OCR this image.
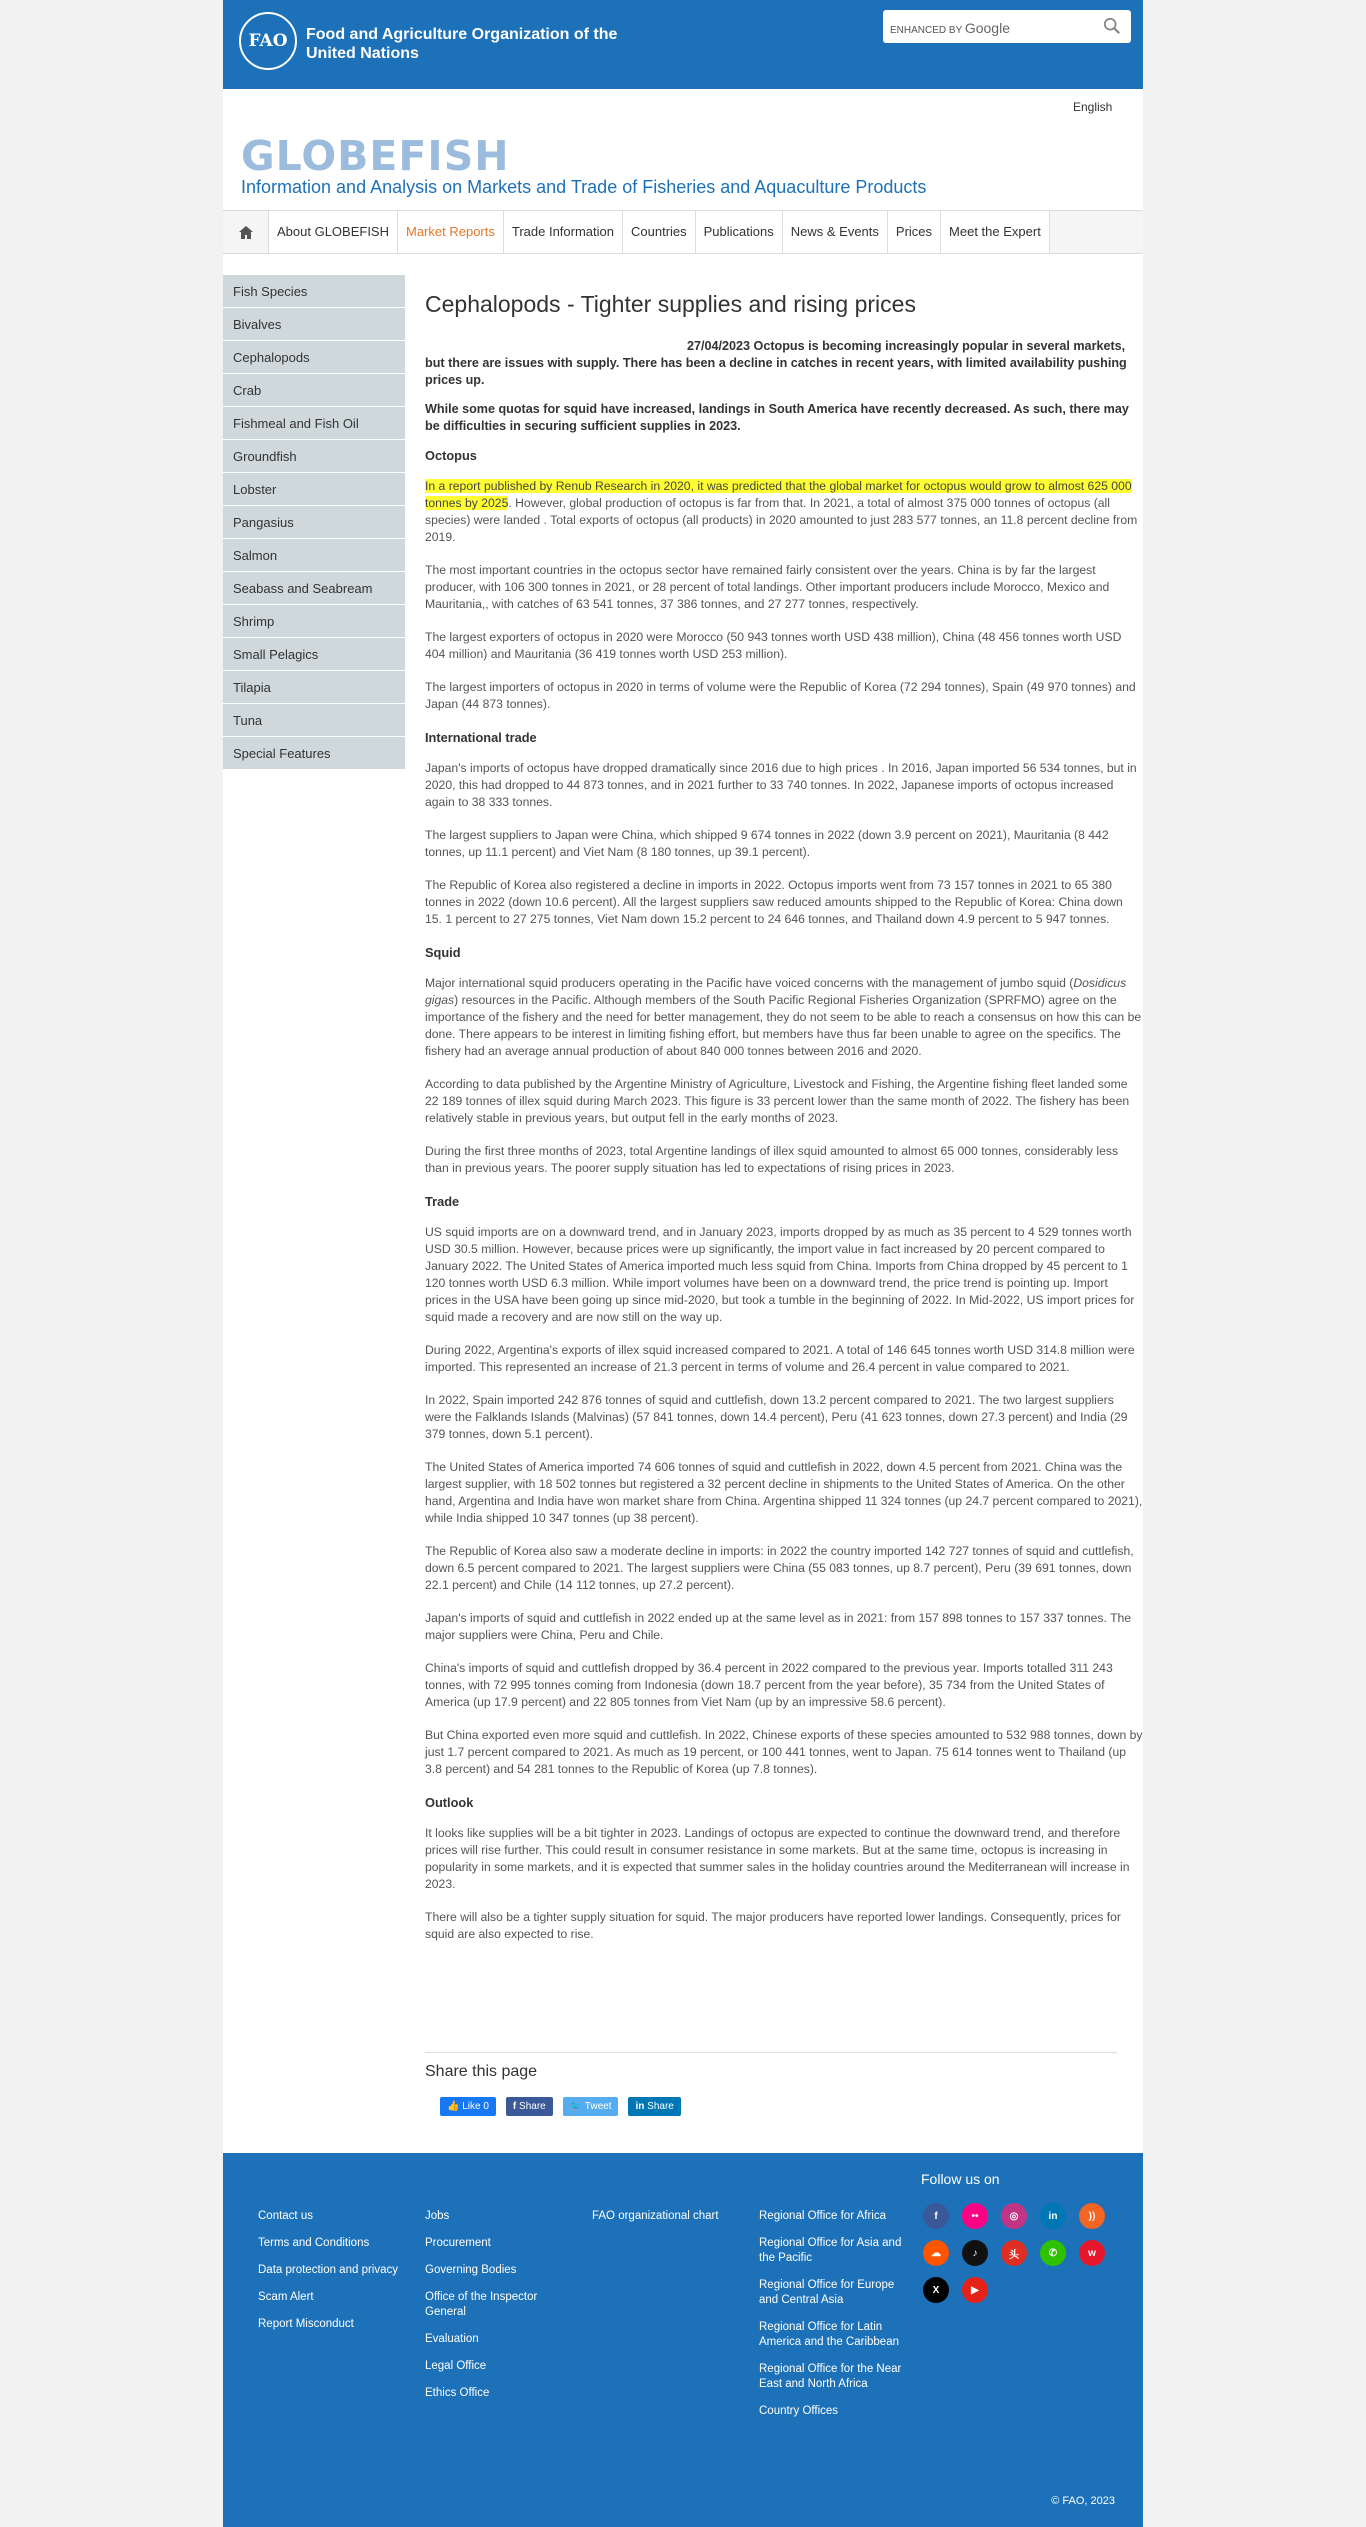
FAO	Food and Agriculture Organization of the United Nations
ENHANCED BY Google
English
GLOBEFISH
Information and Analysis on Markets and Trade of Fisheries and Aquaculture Products
About GLOBEFISH	Market Reports	Trade Information	Countries	Publications	News & Events	Prices	Meet the Expert
Fish Species
Bivalves
Cephalopods
Crab
Fishmeal and Fish Oil
Groundfish
Lobster
Pangasius
Salmon
Seabass and Seabream
Shrimp
Small Pelagics
Tilapia
Tuna
Special Features
Cephalopods - Tighter supplies and rising prices

27/04/2023 Octopus is becoming increasingly popular in several markets, but there are issues with supply. There has been a decline in catches in recent years, with limited availability pushing prices up.

While some quotas for squid have increased, landings in South America have recently decreased. As such, there may be difficulties in securing sufficient supplies in 2023.

Octopus

In a report published by Renub Research in 2020, it was predicted that the global market for octopus would grow to almost 625 000 tonnes by 2025. However, global production of octopus is far from that. In 2021, a total of almost 375 000 tonnes of octopus (all species) were landed . Total exports of octopus (all products) in 2020 amounted to just 283 577 tonnes, an 11.8 percent decline from 2019.

The most important countries in the octopus sector have remained fairly consistent over the years. China is by far the largest producer, with 106 300 tonnes in 2021, or 28 percent of total landings. Other important producers include Morocco, Mexico and Mauritania,, with catches of 63 541 tonnes, 37 386 tonnes, and 27 277 tonnes, respectively.

The largest exporters of octopus in 2020 were Morocco (50 943 tonnes worth USD 438 million), China (48 456 tonnes worth USD 404 million) and Mauritania (36 419 tonnes worth USD 253 million).

The largest importers of octopus in 2020 in terms of volume were the Republic of Korea (72 294 tonnes), Spain (49 970 tonnes) and Japan (44 873 tonnes).

International trade

Japan's imports of octopus have dropped dramatically since 2016 due to high prices . In 2016, Japan imported 56 534 tonnes, but in 2020, this had dropped to 44 873 tonnes, and in 2021 further to 33 740 tonnes. In 2022, Japanese imports of octopus increased again to 38 333 tonnes.

The largest suppliers to Japan were China, which shipped 9 674 tonnes in 2022 (down 3.9 percent on 2021), Mauritania (8 442 tonnes, up 11.1 percent) and Viet Nam (8 180 tonnes, up 39.1 percent).

The Republic of Korea also registered a decline in imports in 2022. Octopus imports went from 73 157 tonnes in 2021 to 65 380 tonnes in 2022 (down 10.6 percent). All the largest suppliers saw reduced amounts shipped to the Republic of Korea: China down 15. 1 percent to 27 275 tonnes, Viet Nam down 15.2 percent to 24 646 tonnes, and Thailand down 4.9 percent to 5 947 tonnes.

Squid

Major international squid producers operating in the Pacific have voiced concerns with the management of jumbo squid (Dosidicus gigas) resources in the Pacific. Although members of the South Pacific Regional Fisheries Organization (SPRFMO) agree on the importance of the fishery and the need for better management, they do not seem to be able to reach a consensus on how this can be done. There appears to be interest in limiting fishing effort, but members have thus far been unable to agree on the specifics. The fishery had an average annual production of about 840 000 tonnes between 2016 and 2020.

According to data published by the Argentine Ministry of Agriculture, Livestock and Fishing, the Argentine fishing fleet landed some 22 189 tonnes of illex squid during March 2023. This figure is 33 percent lower than the same month of 2022. The fishery has been relatively stable in previous years, but output fell in the early months of 2023.

During the first three months of 2023, total Argentine landings of illex squid amounted to almost 65 000 tonnes, considerably less than in previous years. The poorer supply situation has led to expectations of rising prices in 2023.

Trade

US squid imports are on a downward trend, and in January 2023, imports dropped by as much as 35 percent to 4 529 tonnes worth USD 30.5 million. However, because prices were up significantly, the import value in fact increased by 20 percent compared to January 2022. The United States of America imported much less squid from China. Imports from China dropped by 45 percent to 1 120 tonnes worth USD 6.3 million. While import volumes have been on a downward trend, the price trend is pointing up. Import prices in the USA have been going up since mid-2020, but took a tumble in the beginning of 2022. In Mid-2022, US import prices for squid made a recovery and are now still on the way up.

During 2022, Argentina's exports of illex squid increased compared to 2021. A total of 146 645 tonnes worth USD 314.8 million were imported. This represented an increase of 21.3 percent in terms of volume and 26.4 percent in value compared to 2021.

In 2022, Spain imported 242 876 tonnes of squid and cuttlefish, down 13.2 percent compared to 2021. The two largest suppliers were the Falklands Islands (Malvinas) (57 841 tonnes, down 14.4 percent), Peru (41 623 tonnes, down 27.3 percent) and India (29 379 tonnes, down 5.1 percent).

The United States of America imported 74 606 tonnes of squid and cuttlefish in 2022, down 4.5 percent from 2021. China was the largest supplier, with 18 502 tonnes but registered a 32 percent decline in shipments to the United States of America. On the other hand, Argentina and India have won market share from China. Argentina shipped 11 324 tonnes (up 24.7 percent compared to 2021), while India shipped 10 347 tonnes (up 38 percent).

The Republic of Korea also saw a moderate decline in imports: in 2022 the country imported 142 727 tonnes of squid and cuttlefish, down 6.5 percent compared to 2021. The largest suppliers were China (55 083 tonnes, up 8.7 percent), Peru (39 691 tonnes, down 22.1 percent) and Chile (14 112 tonnes, up 27.2 percent).

Japan's imports of squid and cuttlefish in 2022 ended up at the same level as in 2021: from 157 898 tonnes to 157 337 tonnes. The major suppliers were China, Peru and Chile.

China's imports of squid and cuttlefish dropped by 36.4 percent in 2022 compared to the previous year. Imports totalled 311 243 tonnes, with 72 995 tonnes coming from Indonesia (down 18.7 percent from the year before), 35 734 from the United States of America (up 17.9 percent) and 22 805 tonnes from Viet Nam (up by an impressive 58.6 percent).

But China exported even more squid and cuttlefish. In 2022, Chinese exports of these species amounted to 532 988 tonnes, down by just 1.7 percent compared to 2021. As much as 19 percent, or 100 441 tonnes, went to Japan. 75 614 tonnes went to Thailand (up 3.8 percent) and 54 281 tonnes to the Republic of Korea (up 7.8 tonnes).

Outlook

It looks like supplies will be a bit tighter in 2023. Landings of octopus are expected to continue the downward trend, and therefore prices will rise further. This could result in consumer resistance in some markets. But at the same time, octopus is increasing in popularity in some markets, and it is expected that summer sales in the holiday countries around the Mediterranean will increase in 2023.

There will also be a tighter supply situation for squid. The major producers have reported lower landings. Consequently, prices for squid are also expected to rise.

Share this page
👍 Like 0	f Share	🐦 Tweet	in Share
Contact us
Terms and Conditions
Data protection and privacy
Scam Alert
Report Misconduct
Jobs
Procurement
Governing Bodies
Office of the Inspector General
Evaluation
Legal Office
Ethics Office
FAO organizational chart	Regional Office for Africa
Regional Office for Asia and the Pacific
Regional Office for Europe and Central Asia
Regional Office for Latin America and the Caribbean
Regional Office for the Near East and North Africa
Country Offices
Follow us on
f	••	◎	in	))
☁	♪	头	✆	w
X	▶
© FAO, 2023
